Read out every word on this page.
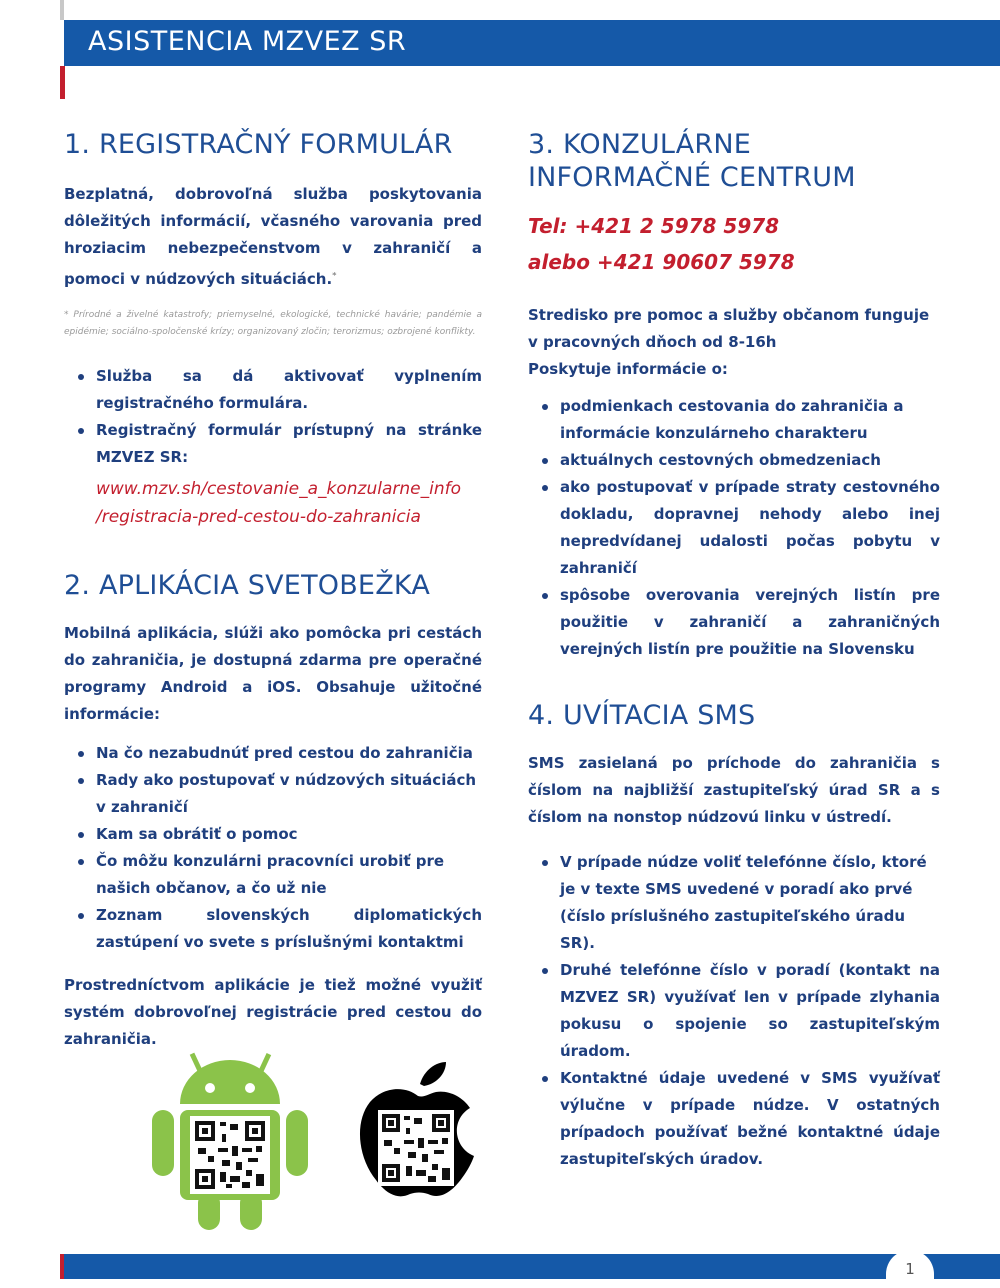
ASISTENCIA MZVEZ SR
1. REGISTRAČNÝ FORMULÁR

Bezplatná, dobrovoľná služba poskytovania dôležitých informácií, včasného varovania pred hroziacim nebezpečenstvom v zahraničí a pomoci v núdzových situáciách.*

* Prírodné a živelné katastrofy; priemyselné, ekologické, technické havárie; pandémie a epidémie; sociálno-spoločenské krízy; organizovaný zločin; terorizmus; ozbrojené konflikty.

Služba sa dá aktivovať vyplnením registračného formulára.
Registračný formulár prístupný na stránke MZVEZ SR:
www.mzv.sh/cestovanie_a_konzularne_info
/registracia-pred-cestou-do-zahranicia
2. APLIKÁCIA SVETOBEŽKA

Mobilná aplikácia, slúži ako pomôcka pri cestách do zahraničia, je dostupná zdarma pre operačné programy Android a iOS. Obsahuje užitočné informácie:

Na čo nezabudnúť pred cestou do zahraničia
Rady ako postupovať v núdzových situáciách v zahraničí
Kam sa obrátiť o pomoc
Čo môžu konzulárni pracovníci urobiť pre našich občanov, a čo už nie
Zoznam slovenských diplomatických zastúpení vo svete s príslušnými kontaktmi

Prostredníctvom aplikácie je tiež možné využiť systém dobrovoľnej registrácie pred cestou do zahraničia.

3. KONZULÁRNE
INFORMAČNÉ CENTRUM
Tel: +421 2 5978 5978
alebo +421 90607 5978

Stredisko pre pomoc a služby občanom funguje
v pracovných dňoch od 8-16h
Poskytuje informácie o:

podmienkach cestovania do zahraničia a informácie konzulárneho charakteru
aktuálnych cestovných obmedzeniach
ako postupovať v prípade straty cestovného dokladu, dopravnej nehody alebo inej nepredvídanej udalosti počas pobytu v zahraničí
spôsobe overovania verejných listín pre použitie v zahraničí a zahraničných verejných listín pre použitie na Slovensku
4. UVÍTACIA SMS

SMS zasielaná po príchode do zahraničia s číslom na najbližší zastupiteľský úrad SR a s číslom na nonstop núdzovú linku v ústredí.

V prípade núdze voliť telefónne číslo, ktoré je v texte SMS uvedené v poradí ako prvé (číslo príslušného zastupiteľského úradu SR).
Druhé telefónne číslo v poradí (kontakt na MZVEZ SR) využívať len v prípade zlyhania pokusu o spojenie so zastupiteľským úradom.
Kontaktné údaje uvedené v SMS využívať výlučne v prípade núdze. V ostatných prípadoch používať bežné kontaktné údaje zastupiteľských úradov.
1
